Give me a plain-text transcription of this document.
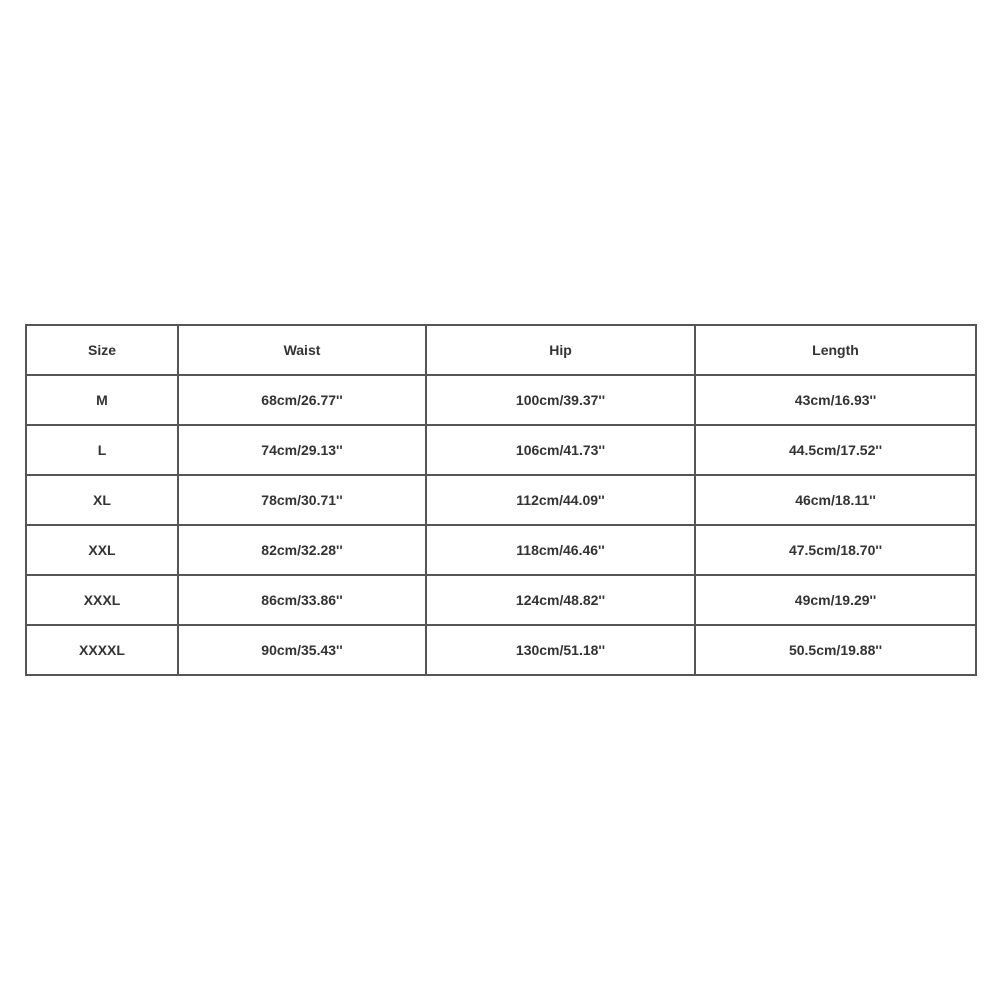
Size	Waist	Hip	Length
M	68cm/26.77''	100cm/39.37''	43cm/16.93''
L	74cm/29.13''	106cm/41.73''	44.5cm/17.52''
XL	78cm/30.71''	112cm/44.09''	46cm/18.11''
XXL	82cm/32.28''	118cm/46.46''	47.5cm/18.70''
XXXL	86cm/33.86''	124cm/48.82''	49cm/19.29''
XXXXL	90cm/35.43''	130cm/51.18''	50.5cm/19.88''
